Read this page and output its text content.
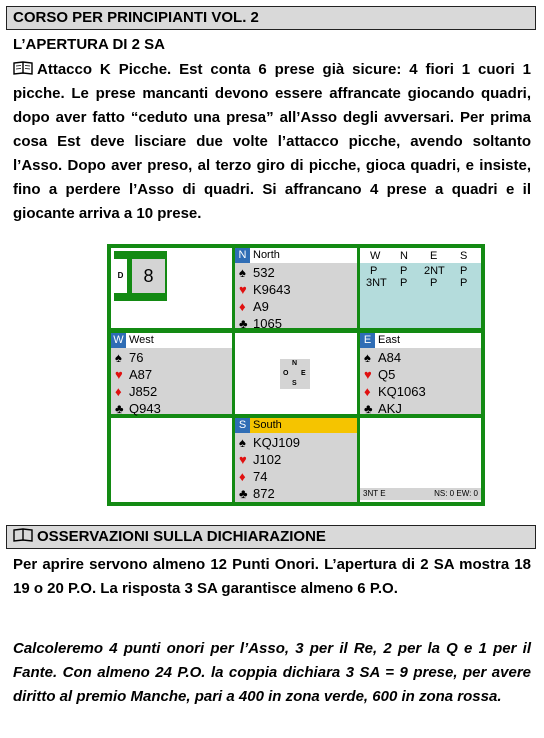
CORSO PER PRINCIPIANTI VOL. 2
L’APERTURA DI 2 SA
Attacco K Picche. Est conta 6 prese già sicure: 4 fiori 1 cuori 1 picche. Le prese mancanti devono essere affrancate giocando quadri, dopo aver fatto “ceduto una presa” all’Asso degli avversari. Per prima cosa Est deve lisciare due volte l’attacco picche, avendo soltanto l’Asso. Dopo aver preso, al terzo giro di picche, gioca quadri, e insiste, fino a perdere l’Asso di quadri. Si affrancano 4 prese a quadri e il giocante arriva a 10 prese.
D	8
N North
♠ 532
♥ K9643
♦ A9
♣ 1065
W N E S
P P 2NT P
3NT P P P
W West
♠ 76
♥ A87
♦ J852
♣ Q943
N
O E
S
E East
♠ A84
♥ Q5
♦ KQ1063
♣ AKJ
S South
♠ KQJ109
♥ J102
♦ 74
♣ 872	3NT E	NS: 0 EW: 0
OSSERVAZIONI SULLA DICHIARAZIONE
Per aprire servono almeno 12 Punti Onori. L’apertura di 2 SA mostra 18 19 o 20 P.O. La risposta 3 SA garantisce almeno 6 P.O.
Calcoleremo 4 punti onori per l’Asso, 3 per il Re, 2 per la Q e 1 per il Fante. Con almeno 24 P.O. la coppia dichiara 3 SA = 9 prese, per avere diritto al premio Manche, pari a 400 in zona verde, 600 in zona rossa.
